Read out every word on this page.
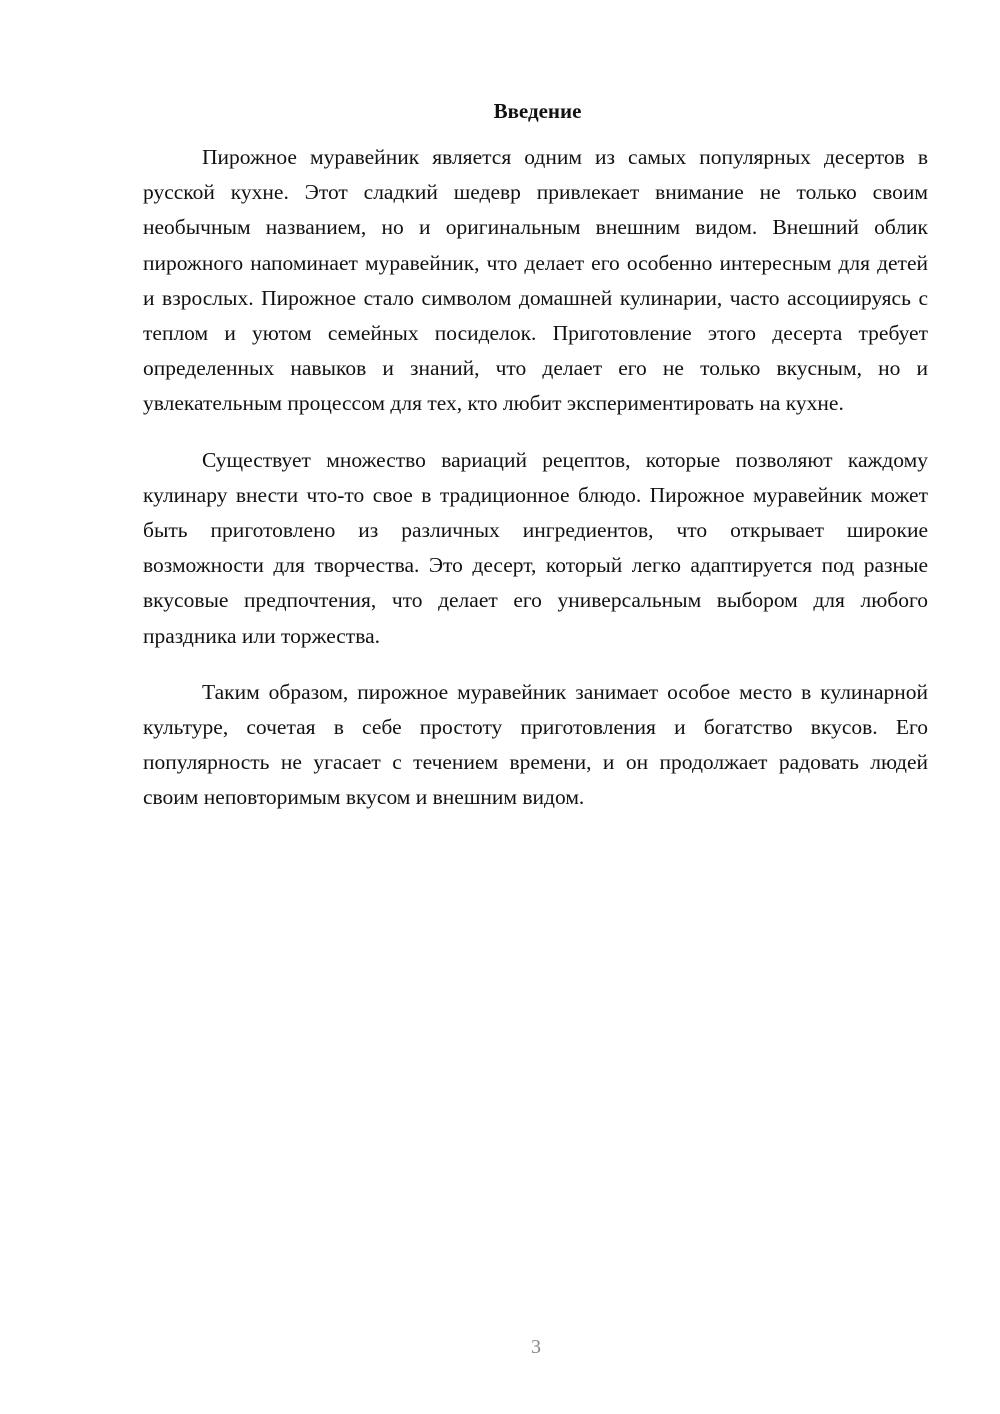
Введение

Пирожное муравейник является одним из самых популярных десертов в русской кухне. Этот сладкий шедевр привлекает внимание не только своим необычным названием, но и оригинальным внешним видом. Внешний облик пирожного напоминает муравейник, что делает его особенно интересным для детей и взрослых. Пирожное стало символом домашней кулинарии, часто ассоциируясь с теплом и уютом семейных посиделок. Приготовление этого десерта требует определенных навыков и знаний, что делает его не только вкусным, но и увлекательным процессом для тех, кто любит экспериментировать на кухне.

Существует множество вариаций рецептов, которые позволяют каждому кулинару внести что-то свое в традиционное блюдо. Пирожное муравейник может быть приготовлено из различных ингредиентов, что открывает широкие возможности для творчества. Это десерт, который легко адаптируется под разные вкусовые предпочтения, что делает его универсальным выбором для любого праздника или торжества.

Таким образом, пирожное муравейник занимает особое место в кулинарной культуре, сочетая в себе простоту приготовления и богатство вкусов. Его популярность не угасает с течением времени, и он продолжает радовать людей своим неповторимым вкусом и внешним видом.

3
